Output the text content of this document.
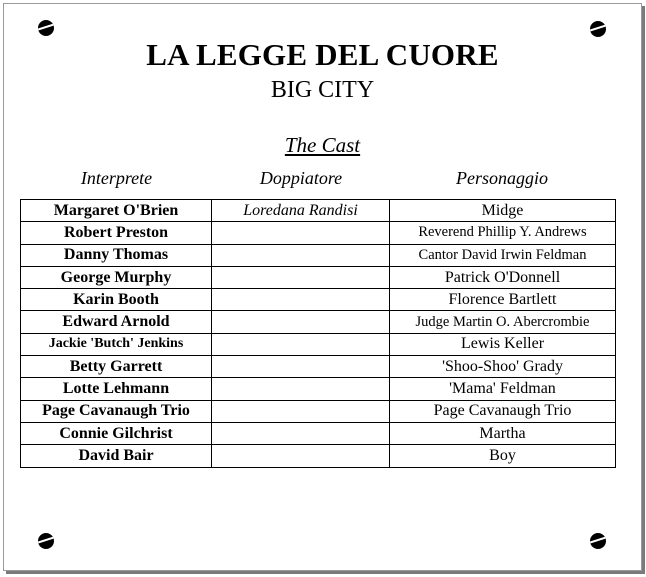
LA LEGGE DEL CUORE
BIG CITY
The Cast
Interprete	Doppiatore	Personaggio
Margaret O'Brien	Loredana Randisi	Midge
Robert Preston		Reverend Phillip Y. Andrews
Danny Thomas		Cantor David Irwin Feldman
George Murphy		Patrick O'Donnell
Karin Booth		Florence Bartlett
Edward Arnold		Judge Martin O. Abercrombie
Jackie 'Butch' Jenkins		Lewis Keller
Betty Garrett		'Shoo-Shoo' Grady
Lotte Lehmann		'Mama' Feldman
Page Cavanaugh Trio		Page Cavanaugh Trio
Connie Gilchrist		Martha
David Bair		Boy
